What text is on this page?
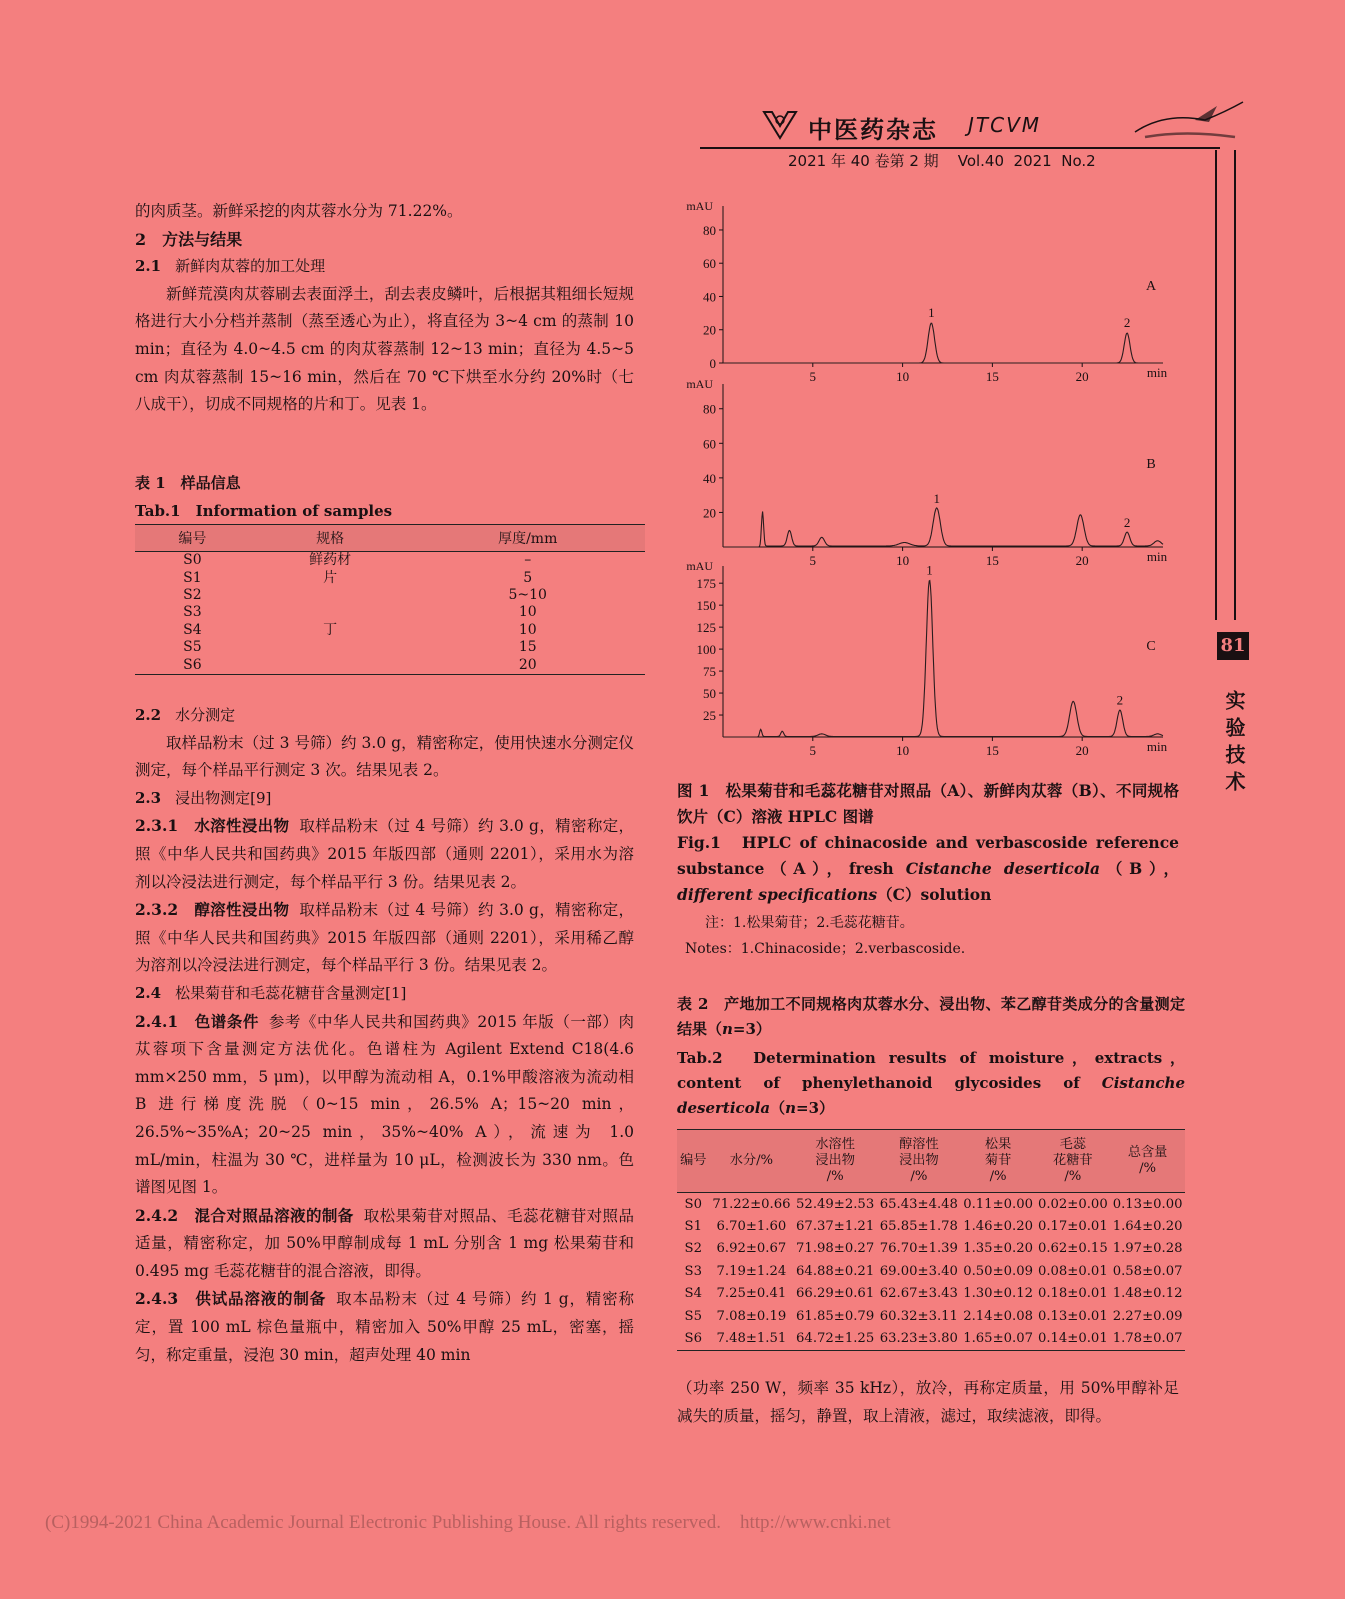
中医药杂志 JTCVM
2021 年 40 卷第 2 期    Vol.40  2021  No.2
81
实 验 技 术

的肉质茎。新鲜采挖的肉苁蓉水分为 71.22%。

2　方法与结果

2.1 新鲜肉苁蓉的加工处理

新鲜荒漠肉苁蓉刷去表面浮土，刮去表皮鳞叶，后根据其粗细长短规格进行大小分档并蒸制（蒸至透心为止），将直径为 3~4 cm 的蒸制 10 min；直径为 4.0~4.5 cm 的肉苁蓉蒸制 12~13 min；直径为 4.5~5 cm 肉苁蓉蒸制 15~16 min，然后在 70 ℃下烘至水分约 20%时（七八成干），切成不同规格的片和丁。见表 1。

表 1　样品信息

Tab.1　Information of samples

编号	规格	厚度/mm
S0	鲜药材	–
S1	片	5
S2		5~10
S3		10
S4	丁	10
S5		15
S6		20

2.2 水分测定

取样品粉末（过 3 号筛）约 3.0 g，精密称定，使用快速水分测定仪测定，每个样品平行测定 3 次。结果见表 2。

2.3 浸出物测定[9]

2.3.1　水溶性浸出物 取样品粉末（过 4 号筛）约 3.0 g，精密称定，照《中华人民共和国药典》2015 年版四部（通则 2201），采用水为溶剂以冷浸法进行测定，每个样品平行 3 份。结果见表 2。

2.3.2　醇溶性浸出物 取样品粉末（过 4 号筛）约 3.0 g，精密称定，照《中华人民共和国药典》2015 年版四部（通则 2201），采用稀乙醇为溶剂以冷浸法进行测定，每个样品平行 3 份。结果见表 2。

2.4 松果菊苷和毛蕊花糖苷含量测定[1]

2.4.1　色谱条件 参考《中华人民共和国药典》2015 年版（一部）肉苁蓉项下含量测定方法优化。色谱柱为 Agilent Extend C18(4.6 mm×250 mm，5 μm)，以甲醇为流动相 A，0.1%甲酸溶液为流动相 B 进行梯度洗脱（0~15 min，26.5% A；15~20 min，26.5%~35%A；20~25 min，35%~40% A），流速为 1.0 mL/min，柱温为 30 ℃，进样量为 10 μL，检测波长为 330 nm。色谱图见图 1。

2.4.2　混合对照品溶液的制备 取松果菊苷对照品、毛蕊花糖苷对照品适量，精密称定，加 50%甲醇制成每 1 mL 分别含 1 mg 松果菊苷和 0.495 mg 毛蕊花糖苷的混合溶液，即得。

2.4.3　供试品溶液的制备 取本品粉末（过 4 号筛）约 1 g，精密称定，置 100 mL 棕色量瓶中，精密加入 50%甲醇 25 mL，密塞，摇匀，称定重量，浸泡 30 min，超声处理 40 min

mAU
min
0
20
40
60
80
5	10	15	20
1
2
A
mAU
min
20
40
60
80
5	10	15	20
1
2
B
mAU
min
25
50
75
100
125
150
175
5	10	15	20
1
2
C

图 1　松果菊苷和毛蕊花糖苷对照品（A）、新鲜肉苁蓉（B）、不同规格饮片（C）溶液 HPLC 图谱

Fig.1　HPLC of chinacoside and verbascoside reference substance（A），fresh Cistanche deserticola（B），different specifications（C）solution

注：1.松果菊苷；2.毛蕊花糖苷。

Notes：1.Chinacoside；2.verbascoside.

表 2　产地加工不同规格肉苁蓉水分、浸出物、苯乙醇苷类成分的含量测定结果（n=3）

Tab.2　Determination results of moisture，extracts，content of phenylethanoid glycosides of Cistanche deserticola（n=3）

编号	水分/%	水溶性
浸出物
/%	醇溶性
浸出物
/%	松果
菊苷
/%	毛蕊
花糖苷
/%	总含量
/%
S0	71.22±0.66	52.49±2.53	65.43±4.48	0.11±0.00	0.02±0.00	0.13±0.00
S1	6.70±1.60	67.37±1.21	65.85±1.78	1.46±0.20	0.17±0.01	1.64±0.20
S2	6.92±0.67	71.98±0.27	76.70±1.39	1.35±0.20	0.62±0.15	1.97±0.28
S3	7.19±1.24	64.88±0.21	69.00±3.40	0.50±0.09	0.08±0.01	0.58±0.07
S4	7.25±0.41	66.29±0.61	62.67±3.43	1.30±0.12	0.18±0.01	1.48±0.12
S5	7.08±0.19	61.85±0.79	60.32±3.11	2.14±0.08	0.13±0.01	2.27±0.09
S6	7.48±1.51	64.72±1.25	63.23±3.80	1.65±0.07	0.14±0.01	1.78±0.07

（功率 250 W，频率 35 kHz），放冷，再称定质量，用 50%甲醇补足减失的质量，摇匀，静置，取上清液，滤过，取续滤液，即得。

(C)1994-2021 China Academic Journal Electronic Publishing House. All rights reserved.    http://www.cnki.net
